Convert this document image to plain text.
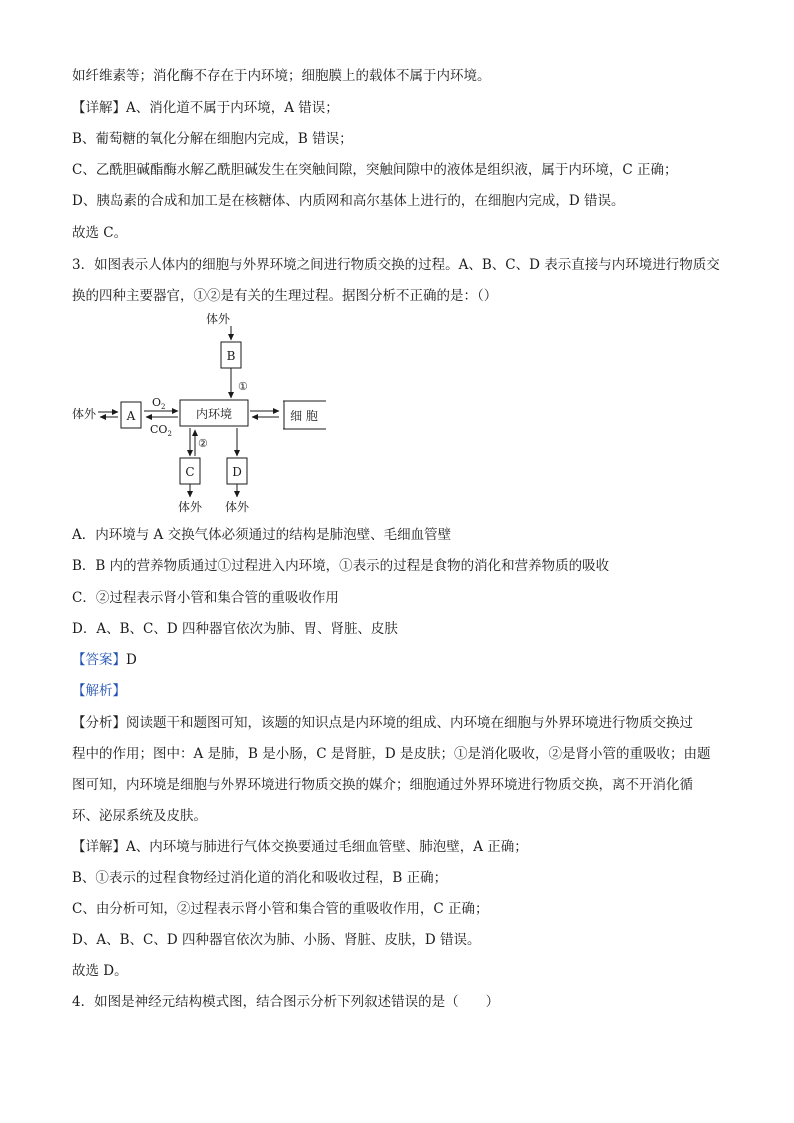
如纤维素等；消化酶不存在于内环境；细胞膜上的载体不属于内环境。
【详解】A、消化道不属于内环境，A 错误；
B、葡萄糖的氧化分解在细胞内完成，B 错误；
C、乙酰胆碱酯酶水解乙酰胆碱发生在突触间隙，突触间隙中的液体是组织液，属于内环境，C 正确；
D、胰岛素的合成和加工是在核糖体、内质网和高尔基体上进行的，在细胞内完成，D 错误。
故选 C。
3．如图表示人体内的细胞与外界环境之间进行物质交换的过程。A、B、C、D 表示直接与内环境进行物质交
换的四种主要器官，①②是有关的生理过程。据图分析不正确的是：（）
体外
B
①
内环境
体外	A
$O_2$
$CO_2$
细 胞
②
C
体外
D
体外
A．内环境与 A 交换气体必须通过的结构是肺泡壁、毛细血管壁
B．B 内的营养物质通过①过程进入内环境，①表示的过程是食物的消化和营养物质的吸收
C．②过程表示肾小管和集合管的重吸收作用
D．A、B、C、D 四种器官依次为肺、胃、肾脏、皮肤
【答案】D
【解析】
【分析】阅读题干和题图可知，该题的知识点是内环境的组成、内环境在细胞与外界环境进行物质交换过
程中的作用；图中：A 是肺，B 是小肠，C 是肾脏，D 是皮肤；①是消化吸收，②是肾小管的重吸收；由题
图可知，内环境是细胞与外界环境进行物质交换的媒介；细胞通过外界环境进行物质交换，离不开消化循
环、泌尿系统及皮肤。
【详解】A、内环境与肺进行气体交换要通过毛细血管壁、肺泡壁，A 正确；
B、①表示的过程食物经过消化道的消化和吸收过程，B 正确；
C、由分析可知，②过程表示肾小管和集合管的重吸收作用，C 正确；
D、A、B、C、D 四种器官依次为肺、小肠、肾脏、皮肤，D 错误。
故选 D。
4．如图是神经元结构模式图，结合图示分析下列叙述错误的是（　　）
